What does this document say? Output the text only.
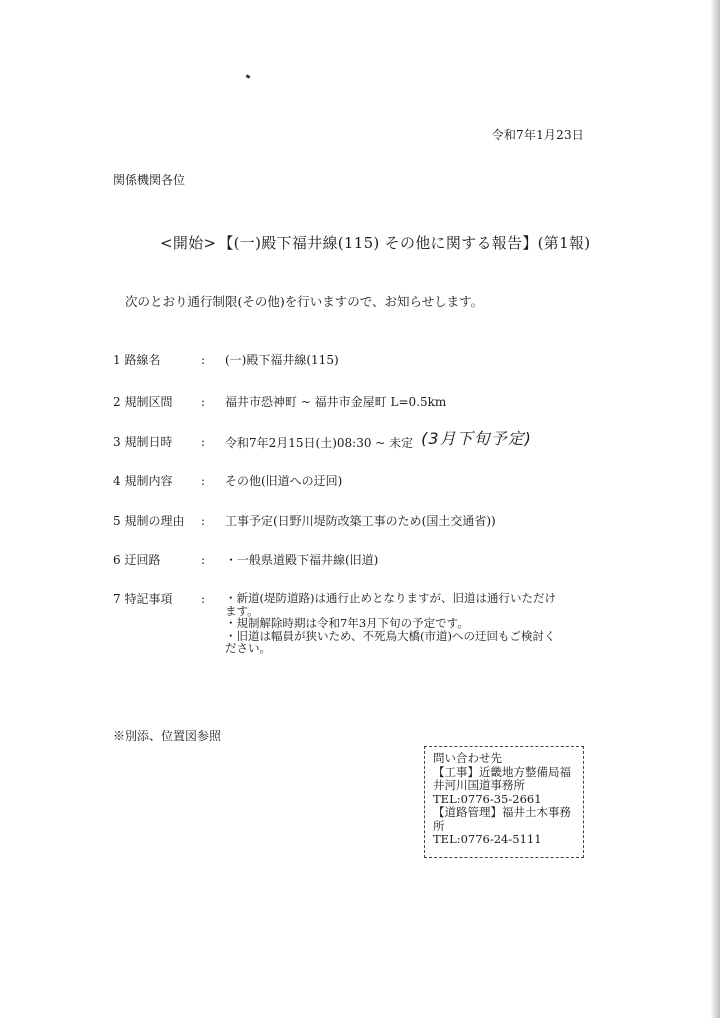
令和7年1月23日
関係機関各位
<開始> 【(一)殿下福井線(115) その他に関する報告】(第1報)
次のとおり通行制限(その他)を行いますので、お知らせします。
1 路線名	: (一)殿下福井線(115)
2 規制区間	: 福井市恐神町 ~ 福井市金屋町 L=0.5km
3 規制日時	: 令和7年2月15日(土)08:30 ~ 未定 (3月下旬予定)
4 規制内容	: その他(旧道への迂回)
5 規制の理由	: 工事予定(日野川堤防改築工事のため(国土交通省))
6 迂回路	: ・一般県道殿下福井線(旧道)
7 特記事項	: ・新道(堤防道路)は通行止めとなりますが、旧道は通行いただけ
ます。
・規制解除時期は令和7年3月下旬の予定です。
・旧道は幅員が狭いため、不死鳥大橋(市道)への迂回もご検討く
ださい。
※別添、位置図参照
問い合わせ先
【工事】近畿地方整備局福
井河川国道事務所
TEL:0776-35-2661
【道路管理】福井土木事務
所
TEL:0776-24-5111
